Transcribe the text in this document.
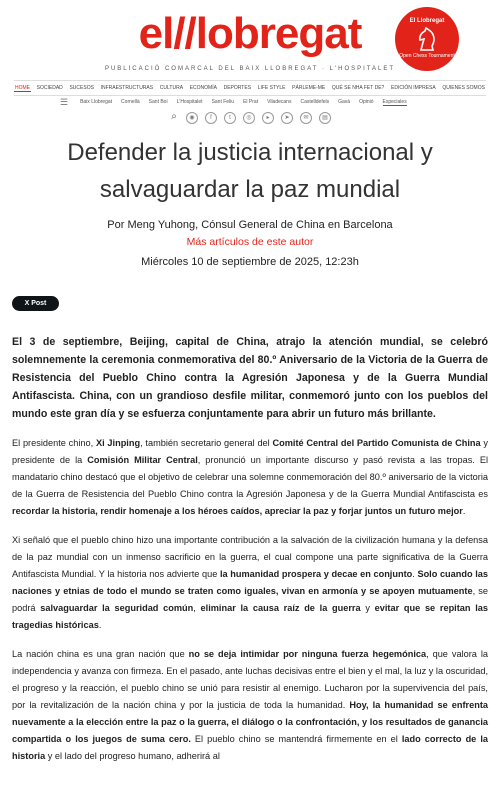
el//lobregat
PUBLICACIÓ COMARCAL DEL BAIX LLOBREGAT · L'HOSPITALET
El Llobregat
Open Chess Tournament
HOME SOCIEDAD SUCESOS INFRAESTRUCTURAS CULTURA ECONOMÍA DEPORTES LIFE STYLE PÁRLEME-ME QUÉ SE NHA FET DE? EDICIÓN IMPRESA QUIENES SOMOS
☰ Baix Llobregat Cornellà Sant Boi L'Hospitalet Sant Feliu El Prat Viladecans Castelldefels Gavà Opinió Especiales
⌕	◉	f	t	◎	▸	➤	✉	▤
Defender la justicia internacional y salvaguardar la paz mundial
Por Meng Yuhong, Cónsul General de China en Barcelona
Más artículos de este autor
Miércoles 10 de septiembre de 2025, 12:23h
X Post

El 3 de septiembre, Beijing, capital de China, atrajo la atención mundial, se celebró solemnemente la ceremonia conmemorativa del 80.º Aniversario de la Victoria de la Guerra de Resistencia del Pueblo Chino contra la Agresión Japonesa y de la Guerra Mundial Antifascista. China, con un grandioso desfile militar, conmemoró junto con los pueblos del mundo este gran día y se esfuerza conjuntamente para abrir un futuro más brillante.

El presidente chino, Xi Jinping, también secretario general del Comité Central del Partido Comunista de China y presidente de la Comisión Militar Central, pronunció un importante discurso y pasó revista a las tropas. El mandatario chino destacó que el objetivo de celebrar una solemne conmemoración del 80.º aniversario de la victoria de la Guerra de Resistencia del Pueblo Chino contra la Agresión Japonesa y de la Guerra Mundial Antifascista es recordar la historia, rendir homenaje a los héroes caídos, apreciar la paz y forjar juntos un futuro mejor.

Xi señaló que el pueblo chino hizo una importante contribución a la salvación de la civilización humana y la defensa de la paz mundial con un inmenso sacrificio en la guerra, el cual compone una parte significativa de la Guerra Antifascista Mundial. Y la historia nos advierte que la humanidad prospera y decae en conjunto. Solo cuando las naciones y etnias de todo el mundo se traten como iguales, vivan en armonía y se apoyen mutuamente, se podrá salvaguardar la seguridad común, eliminar la causa raíz de la guerra y evitar que se repitan las tragedias históricas.

La nación china es una gran nación que no se deja intimidar por ninguna fuerza hegemónica, que valora la independencia y avanza con firmeza. En el pasado, ante luchas decisivas entre el bien y el mal, la luz y la oscuridad, el progreso y la reacción, el pueblo chino se unió para resistir al enemigo. Lucharon por la supervivencia del país, por la revitalización de la nación china y por la justicia de toda la humanidad. Hoy, la humanidad se enfrenta nuevamente a la elección entre la paz o la guerra, el diálogo o la confrontación, y los resultados de ganancia compartida o los juegos de suma cero. El pueblo chino se mantendrá firmemente en el lado correcto de la historia y el lado del progreso humano, adherirá al
